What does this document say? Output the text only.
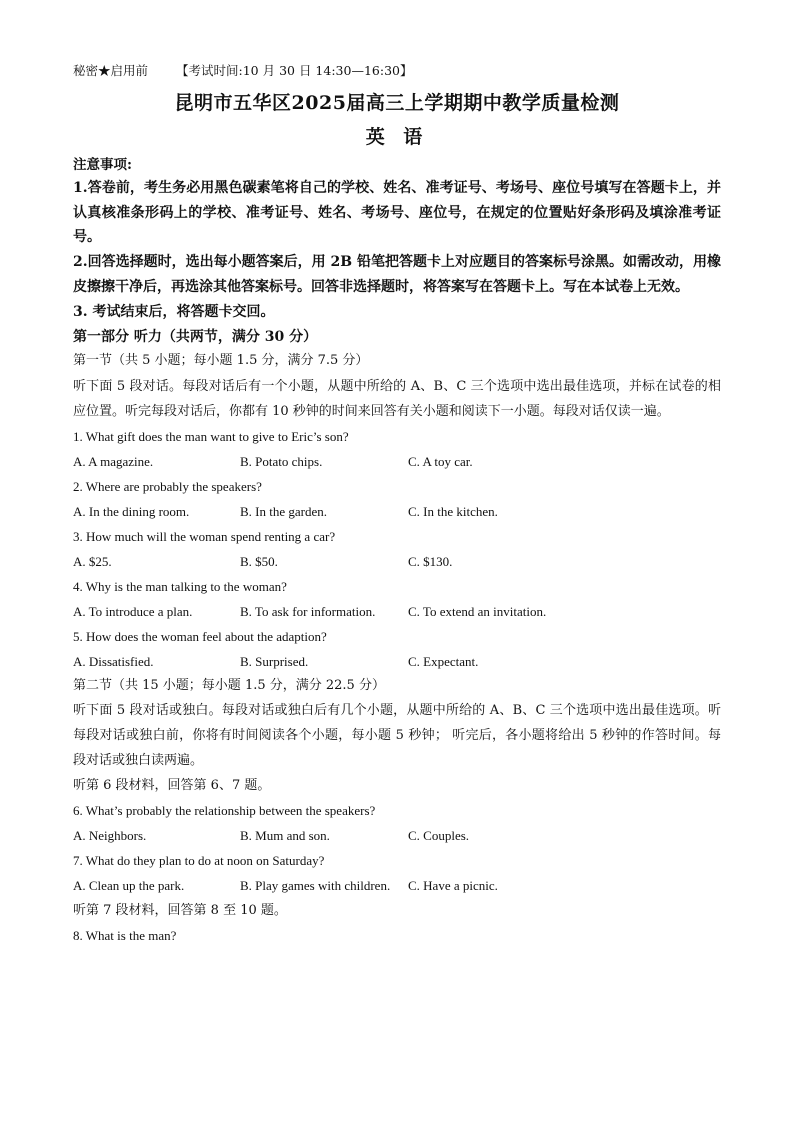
秘密★启用前 【考试时间:10 月 30 日 14:30—16:30】
昆明市五华区2025届高三上学期期中教学质量检测
英 语
注意事项:
1.答卷前，考生务必用黑色碳素笔将自己的学校、姓名、准考证号、考场号、座位号填写在答题卡上，并认真核准条形码上的学校、准考证号、姓名、考场号、座位号，在规定的位置贴好条形码及填涂准考证号。
2.回答选择题时，选出每小题答案后，用 2B 铅笔把答题卡上对应题目的答案标号涂黑。如需改动，用橡皮擦擦干净后，再选涂其他答案标号。回答非选择题时，将答案写在答题卡上。写在本试卷上无效。
3. 考试结束后，将答题卡交回。
第一部分 听力（共两节，满分 30 分）
第一节（共 5 小题；每小题 1.5 分，满分 7.5 分）
听下面 5 段对话。每段对话后有一个小题，从题中所给的 A、B、C 三个选项中选出最佳选项，并标在试卷的相应位置。听完每段对话后，你都有 10 秒钟的时间来回答有关小题和阅读下一小题。每段对话仅读一遍。
1. What gift does the man want to give to Eric’s son?
A. A magazine.	B. Potato chips.	C. A toy car.
2. Where are probably the speakers?
A. In the dining room.	B. In the garden.	C. In the kitchen.
3. How much will the woman spend renting a car?
A. $25.	B. $50.	C. $130.
4. Why is the man talking to the woman?
A. To introduce a plan.	B. To ask for information.	C. To extend an invitation.
5. How does the woman feel about the adaption?
A. Dissatisfied.	B. Surprised.	C. Expectant.
第二节（共 15 小题；每小题 1.5 分，满分 22.5 分）
听下面 5 段对话或独白。每段对话或独白后有几个小题，从题中所给的 A、B、C 三个选项中选出最佳选项。听每段对话或独白前，你将有时间阅读各个小题，每小题 5 秒钟； 听完后，各小题将给出 5 秒钟的作答时间。每段对话或独白读两遍。
听第 6 段材料，回答第 6、7 题。
6. What’s probably the relationship between the speakers?
A. Neighbors.	B. Mum and son.	C. Couples.
7. What do they plan to do at noon on Saturday?
A. Clean up the park.	B. Play games with children.	C. Have a picnic.
听第 7 段材料，回答第 8 至 10 题。
8. What is the man?
